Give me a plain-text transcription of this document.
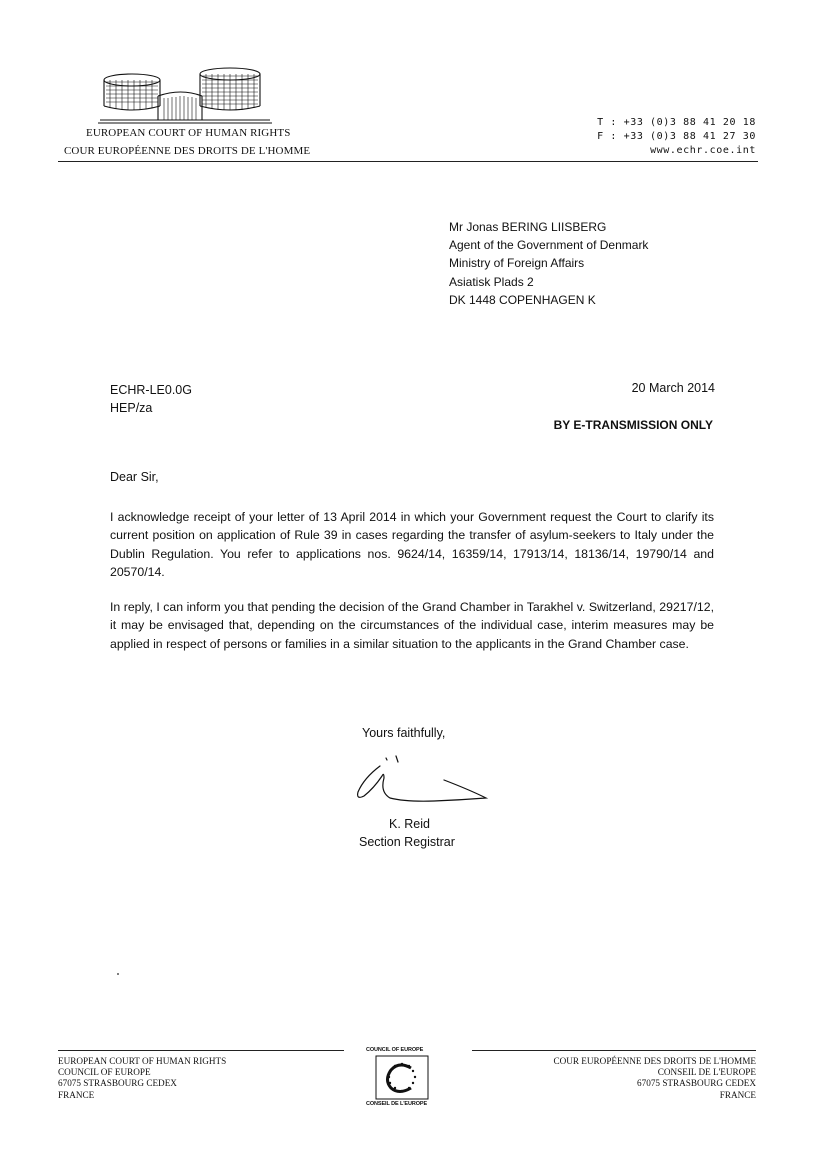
EUROPEAN COURT OF HUMAN RIGHTS
COUR EUROPÉENNE DES DROITS DE L'HOMME
T : +33 (0)3 88 41 20 18
F : +33 (0)3 88 41 27 30
www.echr.coe.int
Mr Jonas BERING LIISBERG
Agent of the Government of Denmark
Ministry of Foreign Affairs
Asiatisk Plads 2
DK 1448 COPENHAGEN K
ECHR-LE0.0G
HEP/za
20 March 2014
BY E-TRANSMISSION ONLY
Dear Sir,

I acknowledge receipt of your letter of 13 April 2014 in which your Government request the Court to clarify its current position on application of Rule 39 in cases regarding the transfer of asylum-seekers to Italy under the Dublin Regulation. You refer to applications nos. 9624/14, 16359/14, 17913/14, 18136/14, 19790/14 and 20570/14.

In reply, I can inform you that pending the decision of the Grand Chamber in Tarakhel v. Switzerland, 29217/12, it may be envisaged that, depending on the circumstances of the individual case, interim measures may be applied in respect of persons or families in a similar situation to the applicants in the Grand Chamber case.

Yours faithfully,
K. Reid
Section Registrar
EUROPEAN COURT OF HUMAN RIGHTS
COUNCIL OF EUROPE
67075 STRASBOURG CEDEX
FRANCE
COUR EUROPÉENNE DES DROITS DE L'HOMME
CONSEIL DE L'EUROPE
67075 STRASBOURG CEDEX
FRANCE
COUNCIL OF EUROPE
CONSEIL DE L'EUROPE
